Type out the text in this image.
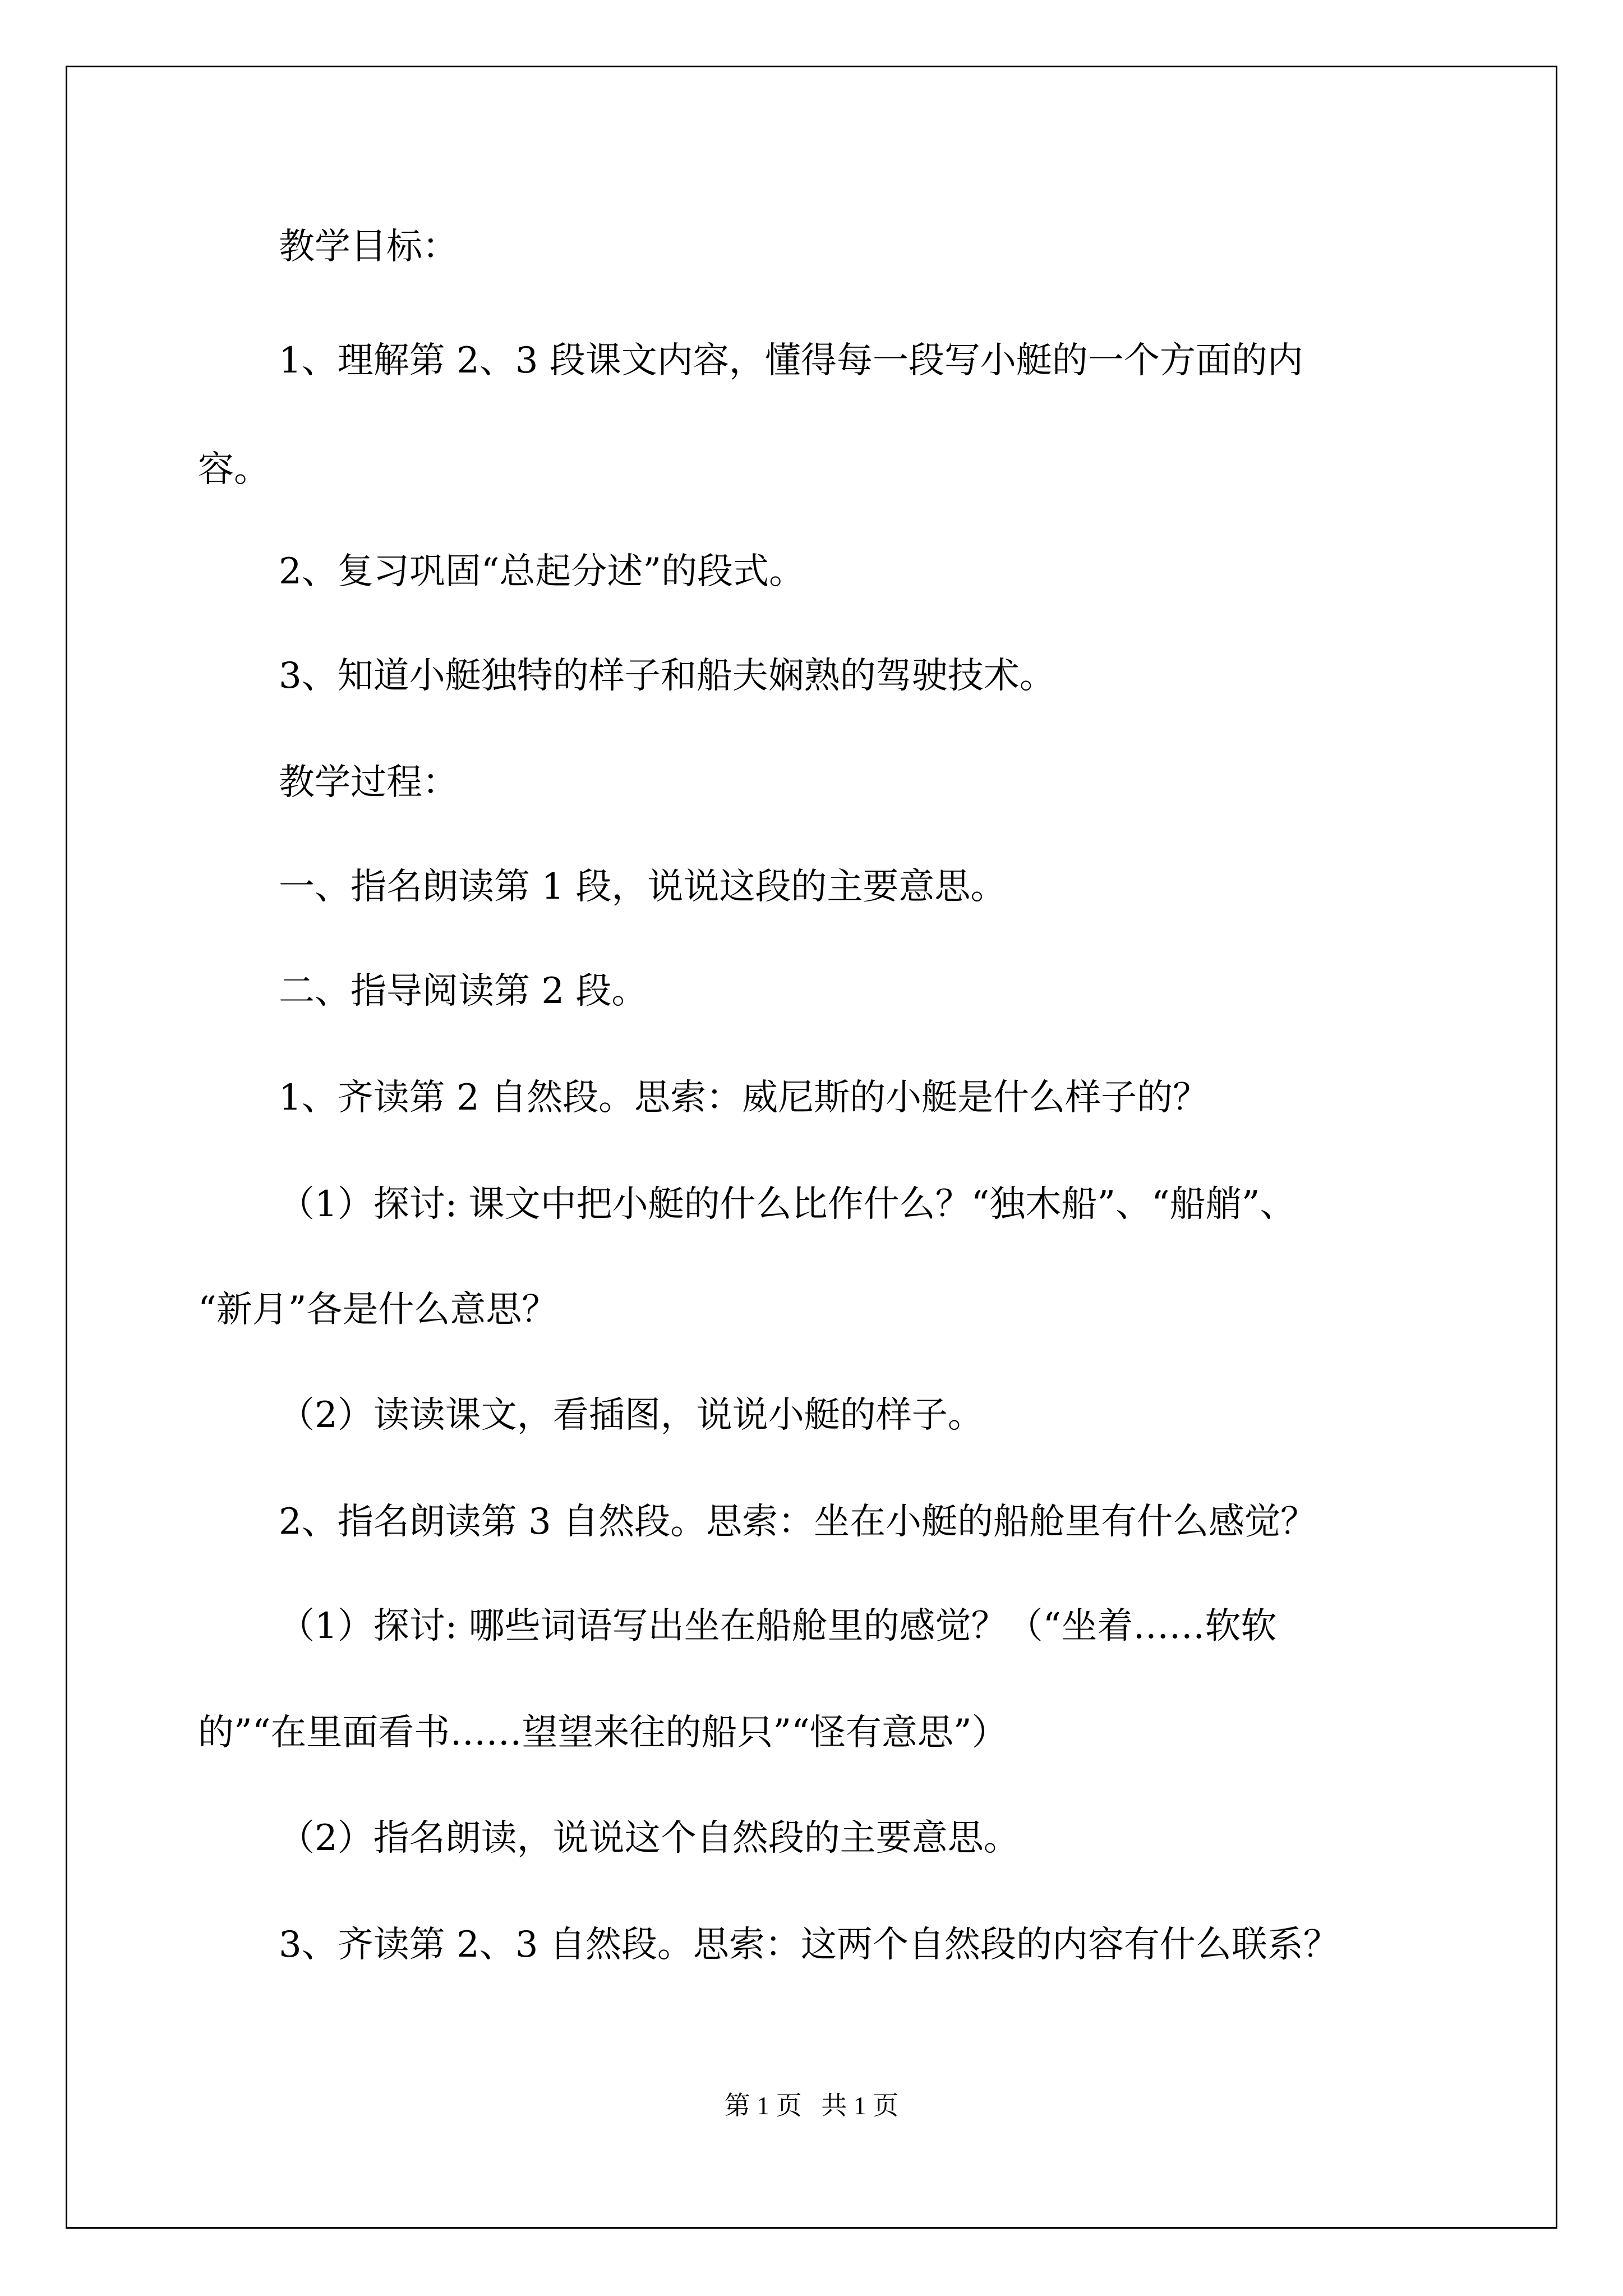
教学目标：

1、理解第 2、3 段课文内容，懂得每一段写小艇的一个方面的内

容。

2、复习巩固“总起分述”的段式。

3、知道小艇独特的样子和船夫娴熟的驾驶技术。

教学过程：

一、指名朗读第 1 段，说说这段的主要意思。

二、指导阅读第 2 段。

1、齐读第 2 自然段。思索：威尼斯的小艇是什么样子的？

（1）探讨: 课文中把小艇的什么比作什么？“独木船”、“船艄”、

“新月”各是什么意思？

（2）读读课文，看插图，说说小艇的样子。

2、指名朗读第 3 自然段。思索：坐在小艇的船舱里有什么感觉？

（1）探讨: 哪些词语写出坐在船舱里的感觉？（“坐着……软软

的”“在里面看书……望望来往的船只”“怪有意思”）

（2）指名朗读，说说这个自然段的主要意思。

3、齐读第 2、3 自然段。思索：这两个自然段的内容有什么联系？

第 1 页   共 1 页
